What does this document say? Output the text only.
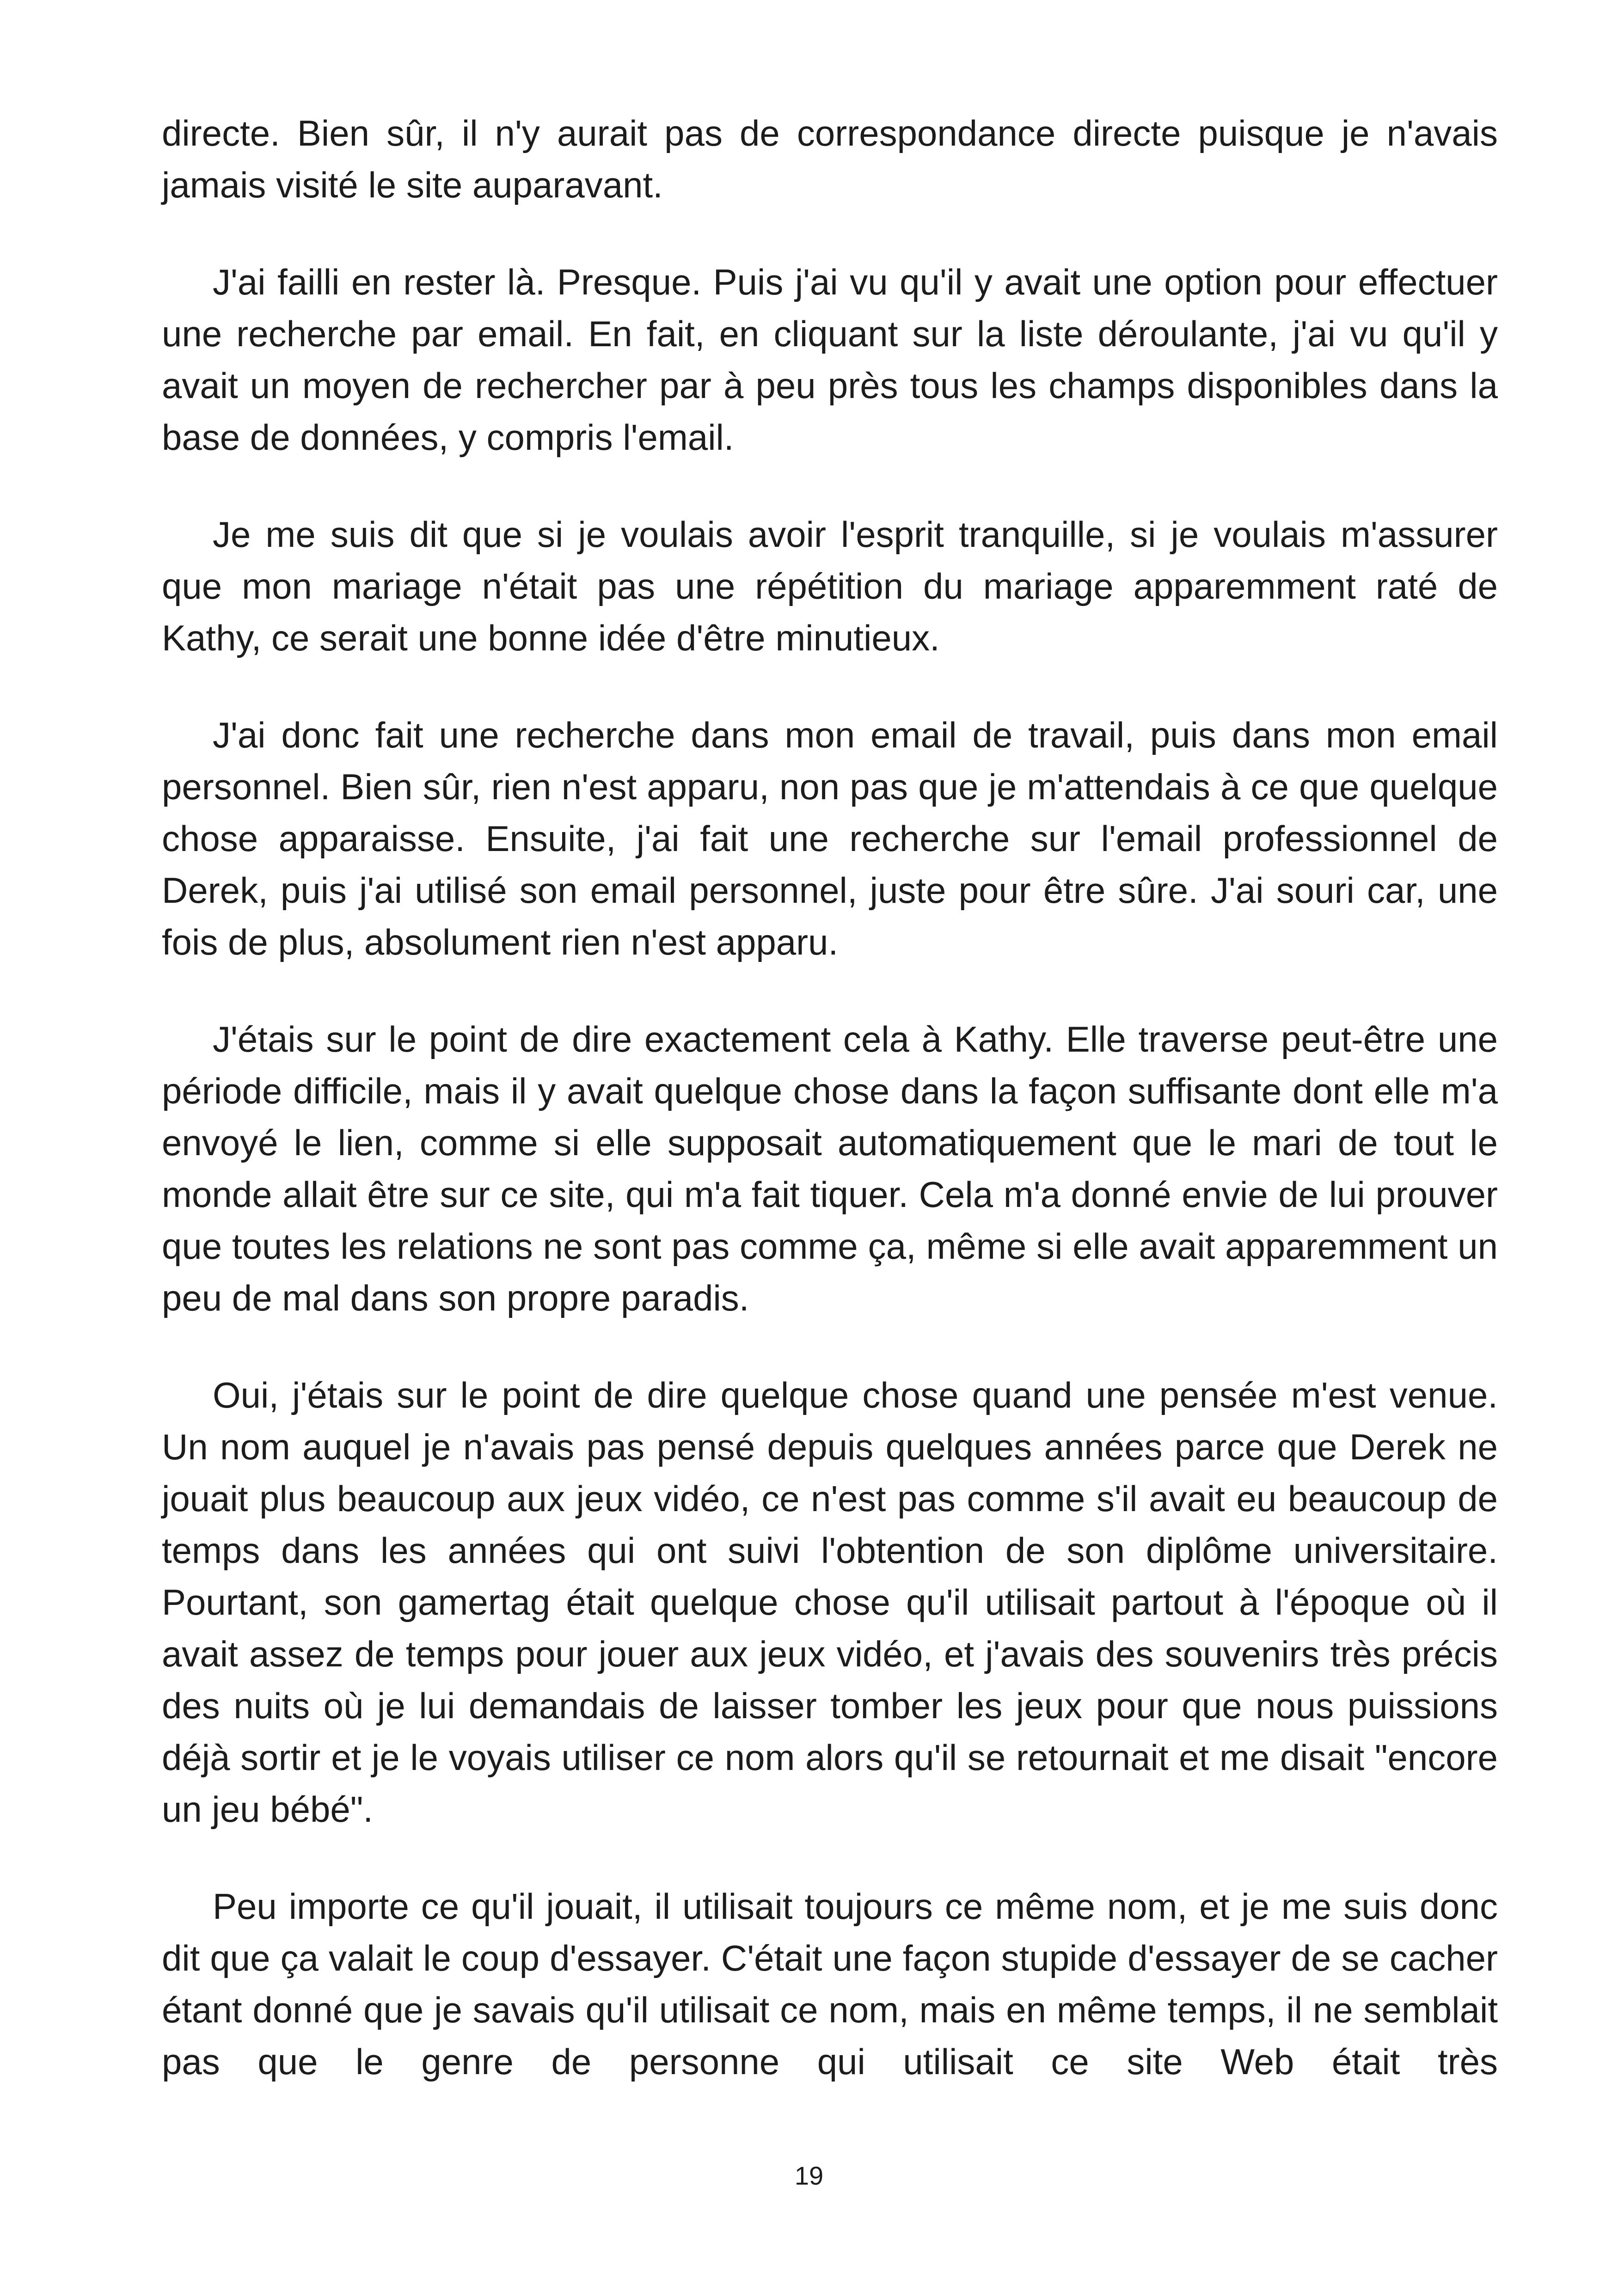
directe. Bien sûr, il n'y aurait pas de correspondance directe puisque je n'avais jamais visité le site auparavant.

J'ai failli en rester là. Presque. Puis j'ai vu qu'il y avait une option pour effectuer une recherche par email. En fait, en cliquant sur la liste déroulante, j'ai vu qu'il y avait un moyen de rechercher par à peu près tous les champs disponibles dans la base de données, y compris l'email.

Je me suis dit que si je voulais avoir l'esprit tranquille, si je voulais m'assurer que mon mariage n'était pas une répétition du mariage apparemment raté de Kathy, ce serait une bonne idée d'être minutieux.

J'ai donc fait une recherche dans mon email de travail, puis dans mon email personnel. Bien sûr, rien n'est apparu, non pas que je m'attendais à ce que quelque chose apparaisse. Ensuite, j'ai fait une recherche sur l'email professionnel de Derek, puis j'ai utilisé son email personnel, juste pour être sûre. J'ai souri car, une fois de plus, absolument rien n'est apparu.

J'étais sur le point de dire exactement cela à Kathy. Elle traverse peut-être une période difficile, mais il y avait quelque chose dans la façon suffisante dont elle m'a envoyé le lien, comme si elle supposait automatiquement que le mari de tout le monde allait être sur ce site, qui m'a fait tiquer. Cela m'a donné envie de lui prouver que toutes les relations ne sont pas comme ça, même si elle avait apparemment un peu de mal dans son propre paradis.

Oui, j'étais sur le point de dire quelque chose quand une pensée m'est venue. Un nom auquel je n'avais pas pensé depuis quelques années parce que Derek ne jouait plus beaucoup aux jeux vidéo, ce n'est pas comme s'il avait eu beaucoup de temps dans les années qui ont suivi l'obtention de son diplôme universitaire. Pourtant, son gamertag était quelque chose qu'il utilisait partout à l'époque où il avait assez de temps pour jouer aux jeux vidéo, et j'avais des souvenirs très précis des nuits où je lui demandais de laisser tomber les jeux pour que nous puissions déjà sortir et je le voyais utiliser ce nom alors qu'il se retournait et me disait "encore un jeu bébé".

Peu importe ce qu'il jouait, il utilisait toujours ce même nom, et je me suis donc dit que ça valait le coup d'essayer. C'était une façon stupide d'essayer de se cacher étant donné que je savais qu'il utilisait ce nom, mais en même temps, il ne semblait pas que le genre de personne qui utilisait ce site Web était très

19
